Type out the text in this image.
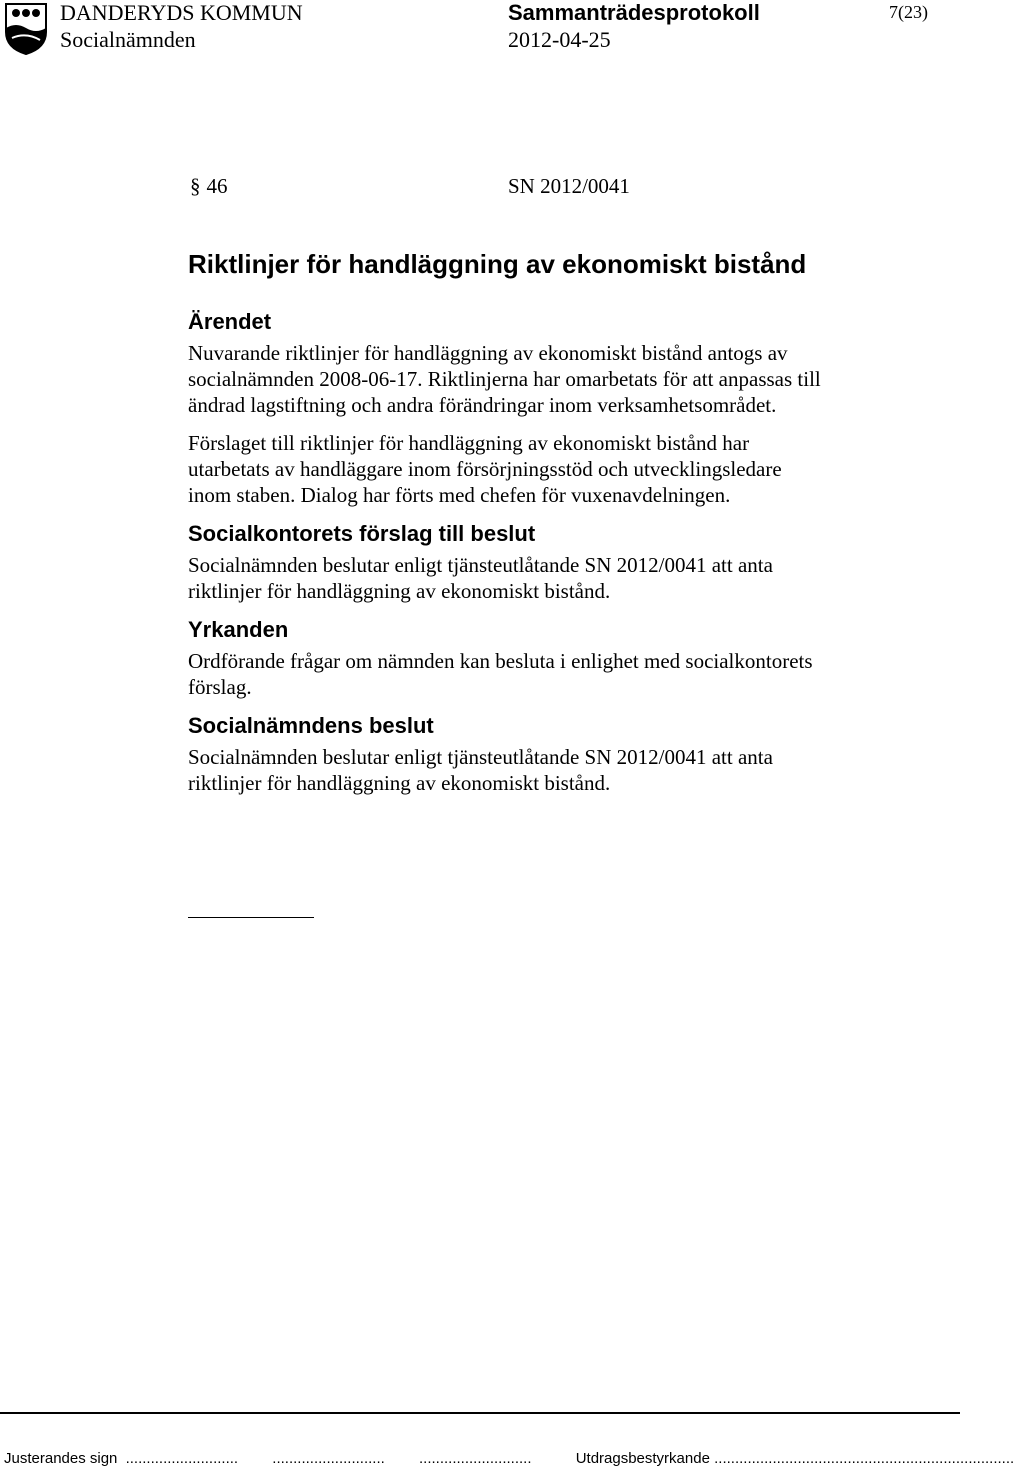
DANDERYDS KOMMUN
Socialnämnden
Sammanträdesprotokoll
2012-04-25
7(23)
§ 46	SN 2012/0041
Riktlinjer för handläggning av ekonomiskt bistånd
Ärendet
Nuvarande riktlinjer för handläggning av ekonomiskt bistånd antogs av
socialnämnden 2008-06-17. Riktlinjerna har omarbetats för att anpassas till
ändrad lagstiftning och andra förändringar inom verksamhetsområdet.
Förslaget till riktlinjer för handläggning av ekonomiskt bistånd har
utarbetats av handläggare inom försörjningsstöd och utvecklingsledare
inom staben. Dialog har förts med chefen för vuxenavdelningen.
Socialkontorets förslag till beslut
Socialnämnden beslutar enligt tjänsteutlåtande SN 2012/0041 att anta
riktlinjer för handläggning av ekonomiskt bistånd.
Yrkanden
Ordförande frågar om nämnden kan besluta i enlighet med socialkontorets
förslag.
Socialnämndens beslut
Socialnämnden beslutar enligt tjänsteutlåtande SN 2012/0041 att anta
riktlinjer för handläggning av ekonomiskt bistånd.
Justerandes sign ........................... ........................... ...........................	Utdragsbestyrkande ........................................................................
